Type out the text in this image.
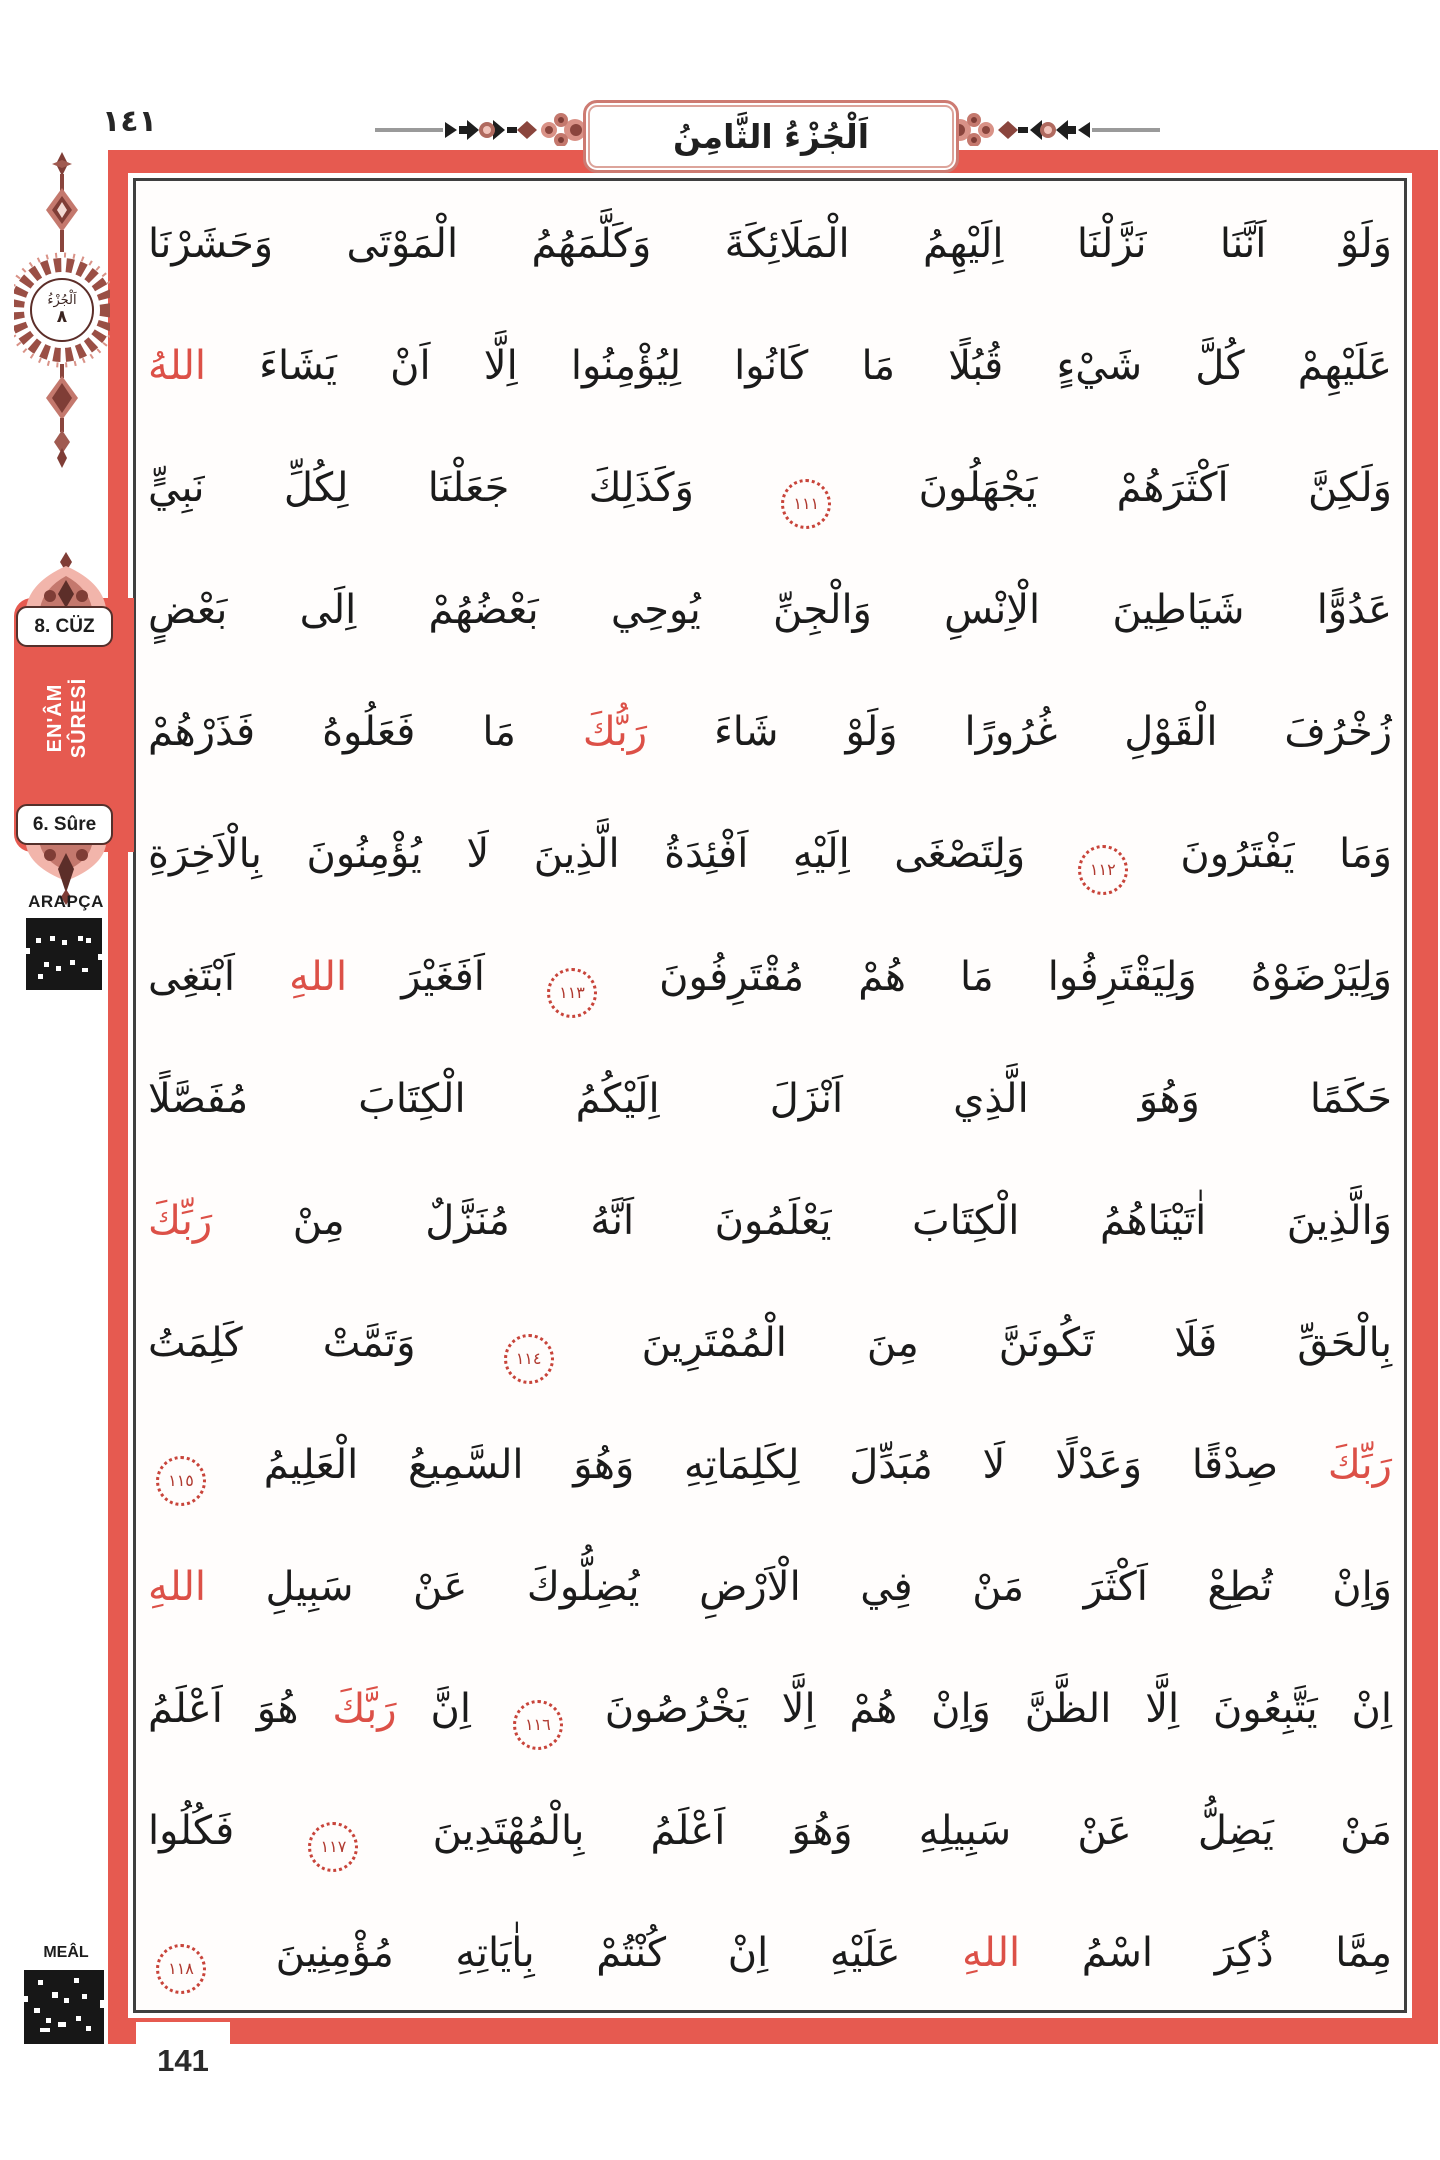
١٤١	اَلْجُزْءُ الثَّامِنُ
وَلَوْ اَنَّنَا نَزَّلْنَا اِلَيْهِمُ الْمَلَائِكَةَ وَكَلَّمَهُمُ الْمَوْتَى وَحَشَرْنَا
عَلَيْهِمْ كُلَّ شَيْءٍ قُبُلًا مَا كَانُوا لِيُؤْمِنُوا اِلَّا اَنْ يَشَاءَ اللهُ
وَلَكِنَّ اَكْثَرَهُمْ يَجْهَلُونَ ١١١ وَكَذَلِكَ جَعَلْنَا لِكُلِّ نَبِيٍّ
عَدُوًّا شَيَاطِينَ الْاِنْسِ وَالْجِنِّ يُوحِي بَعْضُهُمْ اِلَى بَعْضٍ
زُخْرُفَ الْقَوْلِ غُرُورًا وَلَوْ شَاءَ رَبُّكَ مَا فَعَلُوهُ فَذَرْهُمْ
وَمَا يَفْتَرُونَ ١١٢ وَلِتَصْغَى اِلَيْهِ اَفْئِدَةُ الَّذِينَ لَا يُؤْمِنُونَ بِالْاَخِرَةِ
وَلِيَرْضَوْهُ وَلِيَقْتَرِفُوا مَا هُمْ مُقْتَرِفُونَ ١١٣ اَفَغَيْرَ اللهِ اَبْتَغِى
حَكَمًا وَهُوَ الَّذِي اَنْزَلَ اِلَيْكُمُ الْكِتَابَ مُفَصَّلًا
وَالَّذِينَ اٰتَيْنَاهُمُ الْكِتَابَ يَعْلَمُونَ اَنَّهُ مُنَزَّلٌ مِنْ رَبِّكَ
بِالْحَقِّ فَلَا تَكُونَنَّ مِنَ الْمُمْتَرِينَ ١١٤ وَتَمَّتْ كَلِمَتُ
رَبِّكَ صِدْقًا وَعَدْلًا لَا مُبَدِّلَ لِكَلِمَاتِهِ وَهُوَ السَّمِيعُ الْعَلِيمُ ١١٥
وَاِنْ تُطِعْ اَكْثَرَ مَنْ فِي الْاَرْضِ يُضِلُّوكَ عَنْ سَبِيلِ اللهِ
اِنْ يَتَّبِعُونَ اِلَّا الظَّنَّ وَاِنْ هُمْ اِلَّا يَخْرُصُونَ ١١٦ اِنَّ رَبَّكَ هُوَ اَعْلَمُ
مَنْ يَضِلُّ عَنْ سَبِيلِهِ وَهُوَ اَعْلَمُ بِالْمُهْتَدِينَ ١١٧ فَكُلُوا
مِمَّا ذُكِرَ اسْمُ اللهِ عَلَيْهِ اِنْ كُنْتُمْ بِاٰيَاتِهِ مُؤْمِنِينَ ١١٨
141
اَلْجُزْءُ
٨
8. CÜZ
EN'ÂM SÛRESİ
6. Sûre
ARAPÇA
MEÂL
